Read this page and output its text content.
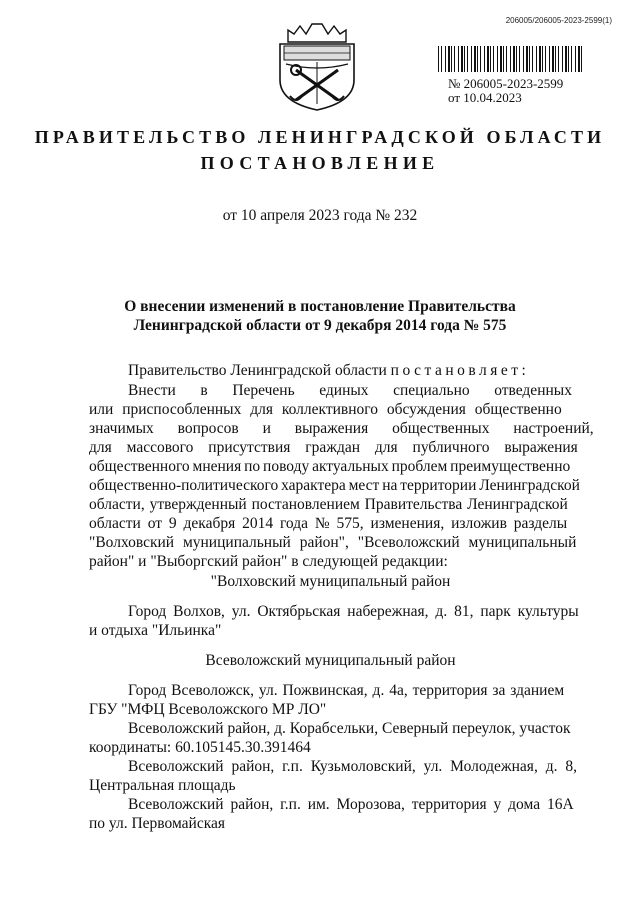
206005/206005-2023-2599(1)
№ 206005-2023-2599
от 10.04.2023
ПРАВИТЕЛЬСТВО ЛЕНИНГРАДСКОЙ ОБЛАСТИ
ПОСТАНОВЛЕНИЕ
от 10 апреля 2023 года № 232
О внесении изменений в постановление Правительства
Ленинградской области от 9 декабря 2014 года № 575
Правительство Ленинградской области постановляет:
Внести в Перечень единых специально отведенных
или приспособленных для коллективного обсуждения общественно
значимых вопросов и выражения общественных настроений,
для массового присутствия граждан для публичного выражения
общественного мнения по поводу актуальных проблем преимущественно
общественно-политического характера мест на территории Ленинградской
области, утвержденный постановлением Правительства Ленинградской
области от 9 декабря 2014 года № 575, изменения, изложив разделы
"Волховский муниципальный район", "Всеволожский муниципальный
район" и "Выборгский район" в следующей редакции:
"Волховский муниципальный район
Город Волхов, ул. Октябрьская набережная, д. 81, парк культуры
и отдыха "Ильинка"
Всеволожский муниципальный район
Город Всеволожск, ул. Пожвинская, д. 4а, территория за зданием
ГБУ "МФЦ Всеволожского МР ЛО"
Всеволожский район, д. Корабсельки, Северный переулок, участок
координаты: 60.105145.30.391464
Всеволожский район, г.п. Кузьмоловский, ул. Молодежная, д. 8,
Центральная площадь
Всеволожский район, г.п. им. Морозова, территория у дома 16А
по ул. Первомайская
